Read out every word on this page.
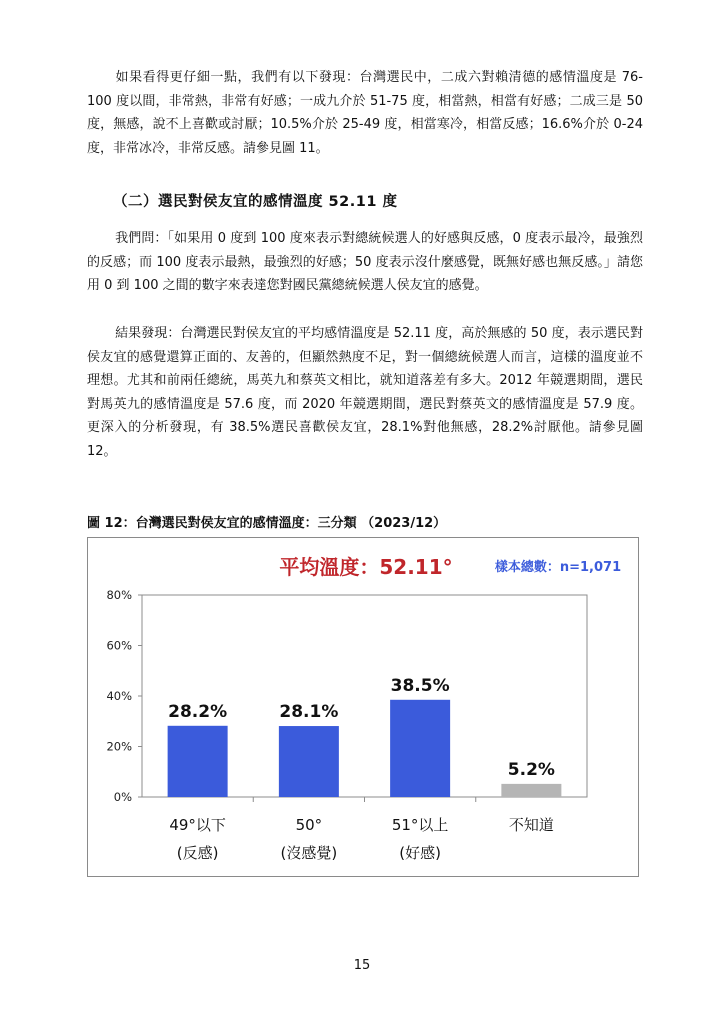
如果看得更仔細一點，我們有以下發現：台灣選民中，二成六對賴清德的感情溫度是 76-100 度以間，非常熱，非常有好感；一成九介於 51-75 度，相當熱，相當有好感；二成三是 50 度，無感，說不上喜歡或討厭；10.5%介於 25-49 度，相當寒冷，相當反感；16.6%介於 0-24 度，非常冰冷，非常反感。請參見圖 11。

（二）選民對侯友宜的感情溫度 52.11 度

我們問：「如果用 0 度到 100 度來表示對總統候選人的好感與反感，0 度表示最冷，最強烈的反感；而 100 度表示最熱，最強烈的好感；50 度表示沒什麼感覺，既無好感也無反感。」請您用 0 到 100 之間的數字來表達您對國民黨總統候選人侯友宜的感覺。

結果發現：台灣選民對侯友宜的平均感情溫度是 52.11 度，高於無感的 50 度，表示選民對侯友宜的感覺還算正面的、友善的，但顯然熱度不足，對一個總統候選人而言，這樣的溫度並不理想。尤其和前兩任總統，馬英九和蔡英文相比，就知道落差有多大。2012 年競選期間，選民對馬英九的感情溫度是 57.6 度，而 2020 年競選期間，選民對蔡英文的感情溫度是 57.9 度。更深入的分析發現，有 38.5%選民喜歡侯友宜，28.1%對他無感，28.2%討厭他。請參見圖 12。

圖 12：台灣選民對侯友宜的感情溫度：三分類 （2023/12）

平均溫度：52.11°	樣本總數：n=1,071
0%
20%
40%
60%
80%
28.2%
49°以下
(反感)
28.1%
50°
(沒感覺)
38.5%
51°以上
(好感)
5.2%
不知道

15
